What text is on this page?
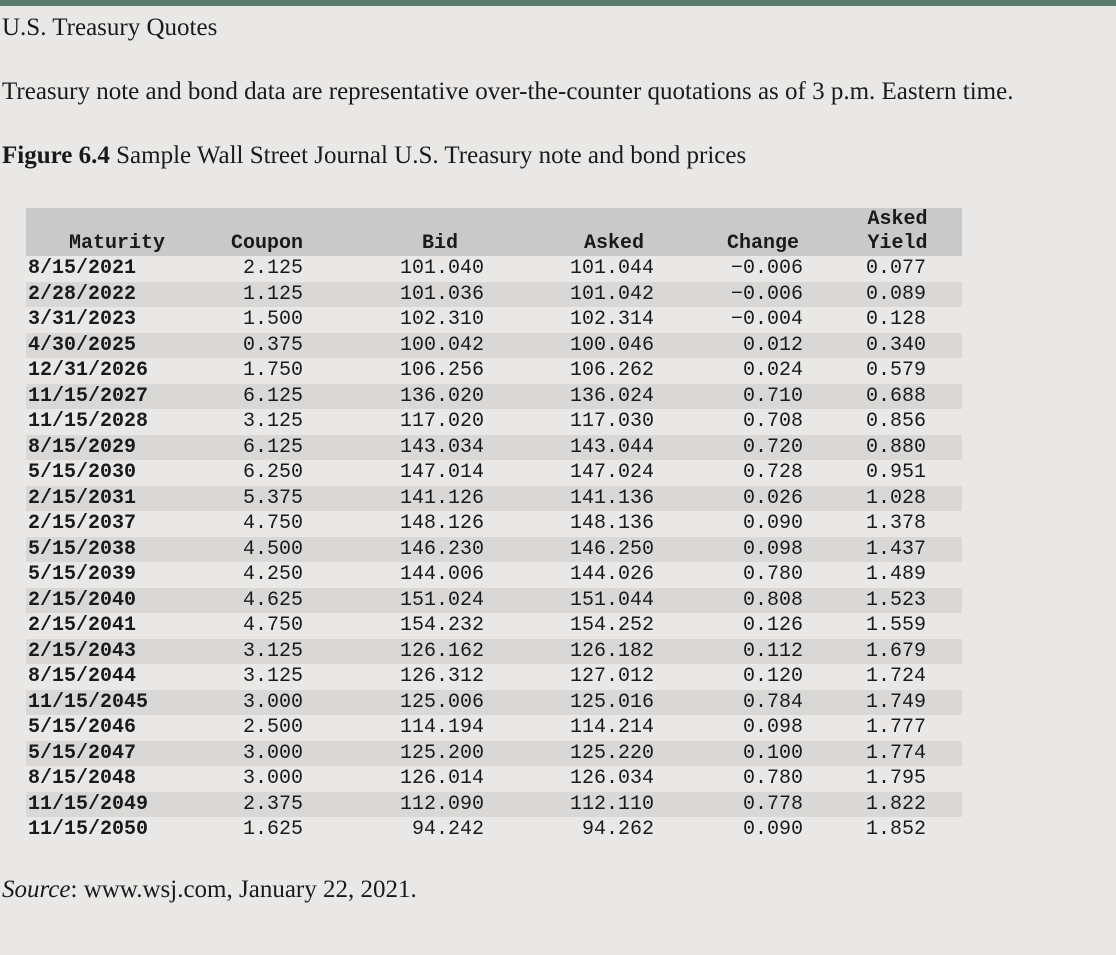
U.S. Treasury Quotes
Treasury note and bond data are representative over-the-counter quotations as of 3 p.m. Eastern time.
Figure 6.4 Sample Wall Street Journal U.S. Treasury note and bond prices
Maturity	Coupon	Bid	Asked	Change	Asked
Yield

8/15/2021	2.125	101.040	101.044	−0.006	0.077
2/28/2022	1.125	101.036	101.042	−0.006	0.089
3/31/2023	1.500	102.310	102.314	−0.004	0.128
4/30/2025	0.375	100.042	100.046	0.012	0.340
12/31/2026	1.750	106.256	106.262	0.024	0.579
11/15/2027	6.125	136.020	136.024	0.710	0.688
11/15/2028	3.125	117.020	117.030	0.708	0.856
8/15/2029	6.125	143.034	143.044	0.720	0.880
5/15/2030	6.250	147.014	147.024	0.728	0.951
2/15/2031	5.375	141.126	141.136	0.026	1.028
2/15/2037	4.750	148.126	148.136	0.090	1.378
5/15/2038	4.500	146.230	146.250	0.098	1.437
5/15/2039	4.250	144.006	144.026	0.780	1.489
2/15/2040	4.625	151.024	151.044	0.808	1.523
2/15/2041	4.750	154.232	154.252	0.126	1.559
2/15/2043	3.125	126.162	126.182	0.112	1.679
8/15/2044	3.125	126.312	127.012	0.120	1.724
11/15/2045	3.000	125.006	125.016	0.784	1.749
5/15/2046	2.500	114.194	114.214	0.098	1.777
5/15/2047	3.000	125.200	125.220	0.100	1.774
8/15/2048	3.000	126.014	126.034	0.780	1.795
11/15/2049	2.375	112.090	112.110	0.778	1.822
11/15/2050	1.625	94.242	94.262	0.090	1.852
Source: www.wsj.com, January 22, 2021.
